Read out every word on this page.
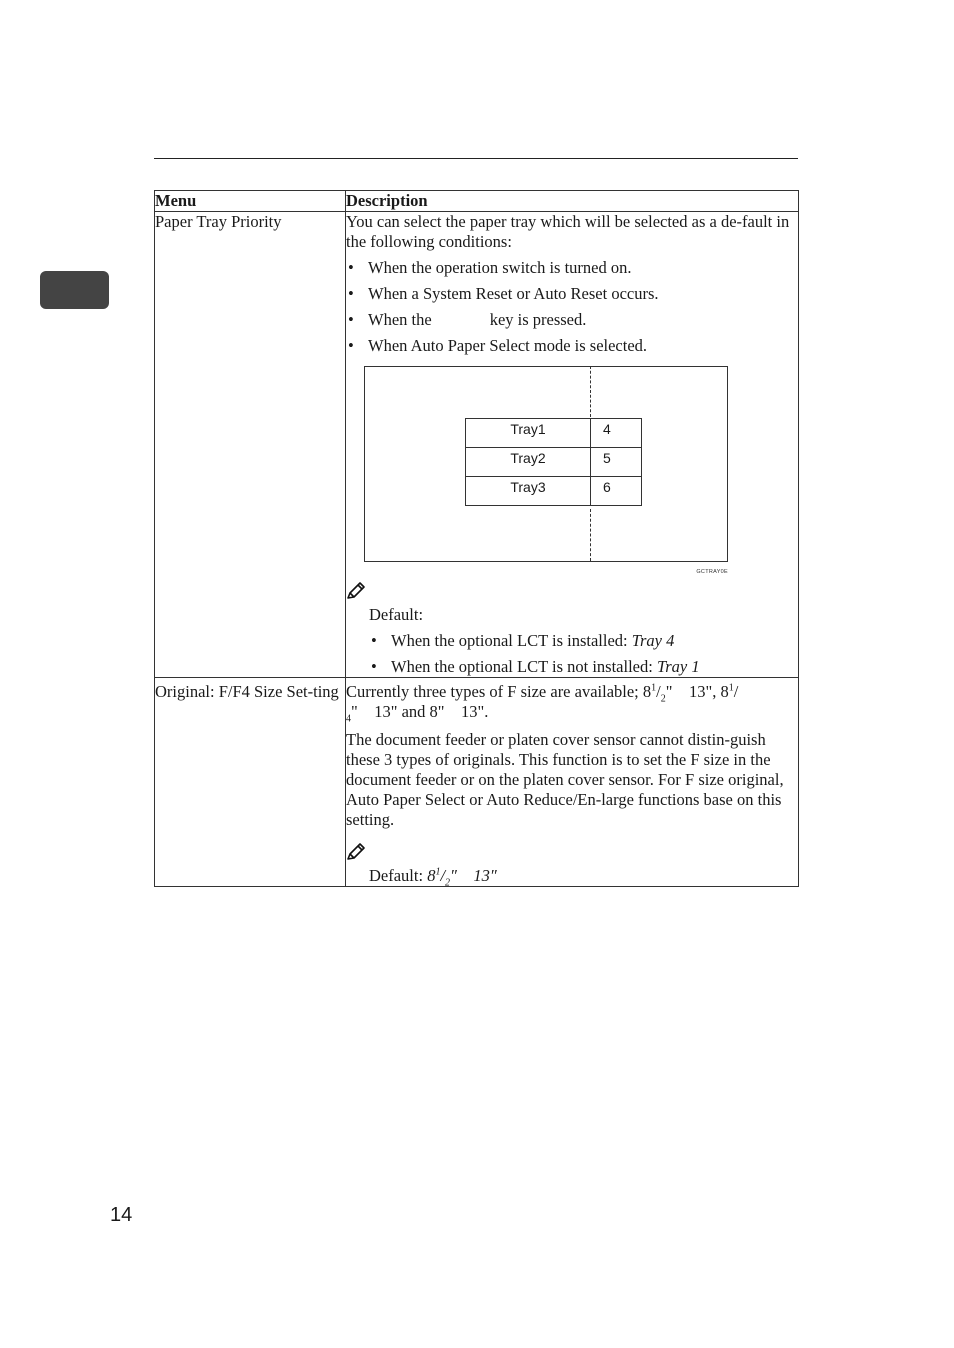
Menu	Description
Paper Tray Priority	You can select the paper tray which will be selected as a de-fault in the following conditions:

• When the operation switch is turned on.
• When a System Reset or Auto Reset occurs.
• When the	key is pressed.
• When Auto Paper Select mode is selected.
Tray1	4
Tray2	5
Tray3	6
GCTRAY0E

Default:

• When the optional LCT is installed: Tray 4
• When the optional LCT is not installed: Tray 1

Original: F/F4 Size Set-ting	Currently three types of F size are available; $8^1/_2$"    13", $8^1/$ $_4$"    13" and 8"    13".

The document feeder or platen cover sensor cannot distin-guish these 3 types of originals. This function is to set the F size in the document feeder or on the platen cover sensor. For F size original, Auto Paper Select or Auto Reduce/En-large functions base on this setting.

Default: $8^1/_2''$    13″

14
